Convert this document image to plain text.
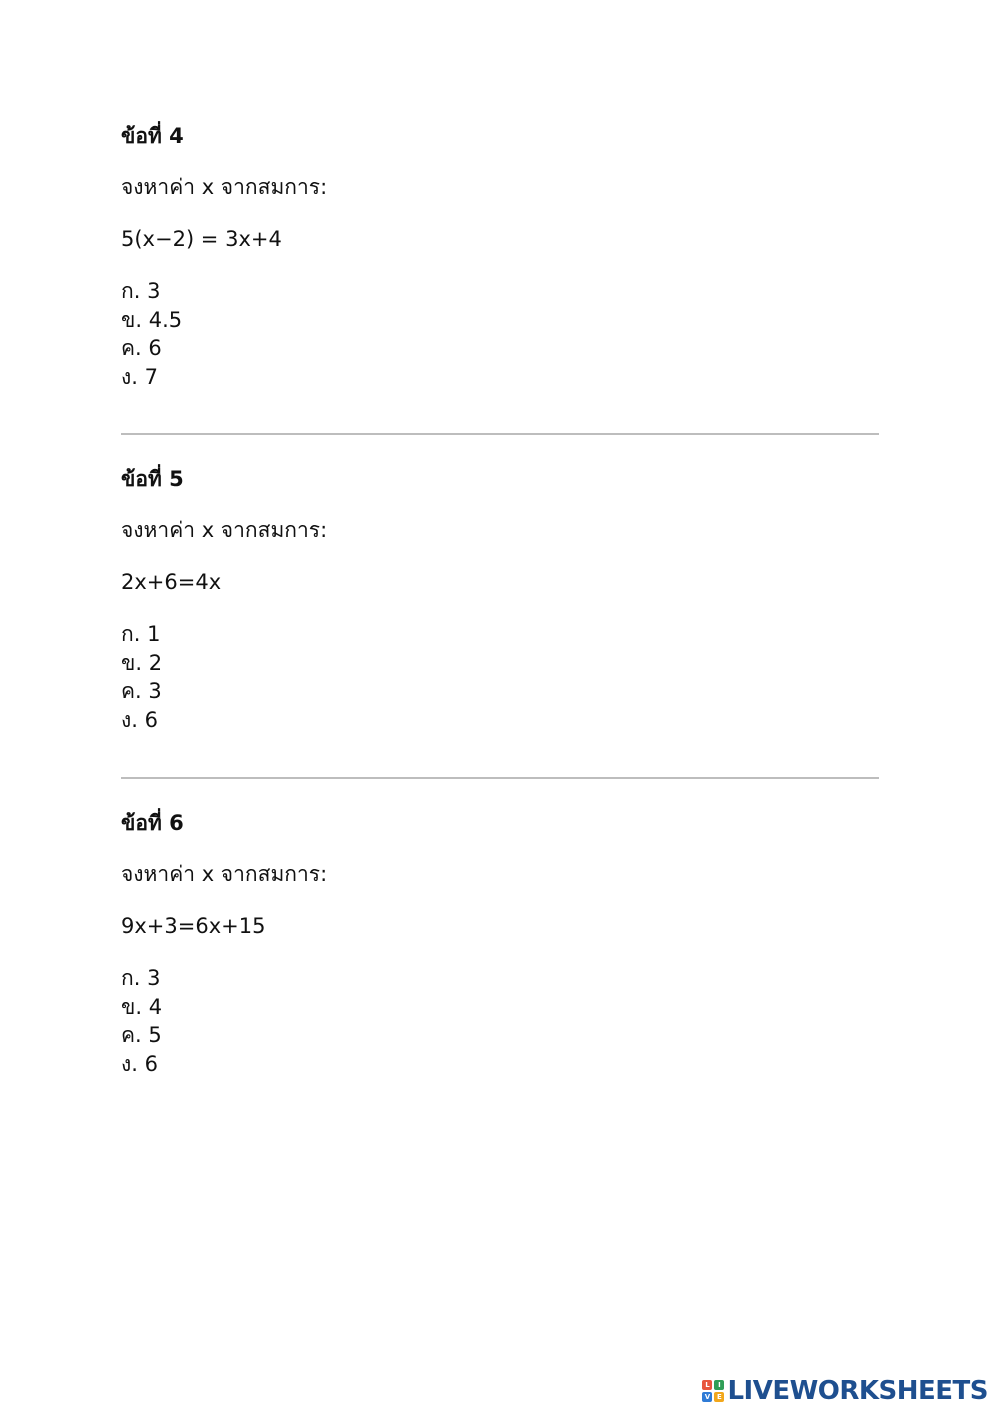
ข้อที่ 4
จงหาค่า x จากสมการ:
5(x−2) = 3x+4
ก. 3
ข. 4.5
ค. 6
ง. 7
ข้อที่ 5
จงหาค่า x จากสมการ:
2x+6=4x
ก. 1
ข. 2
ค. 3
ง. 6
ข้อที่ 6
จงหาค่า x จากสมการ:
9x+3=6x+15
ก. 3
ข. 4
ค. 5
ง. 6
L	I
V E LIVEWORKSHEETS
